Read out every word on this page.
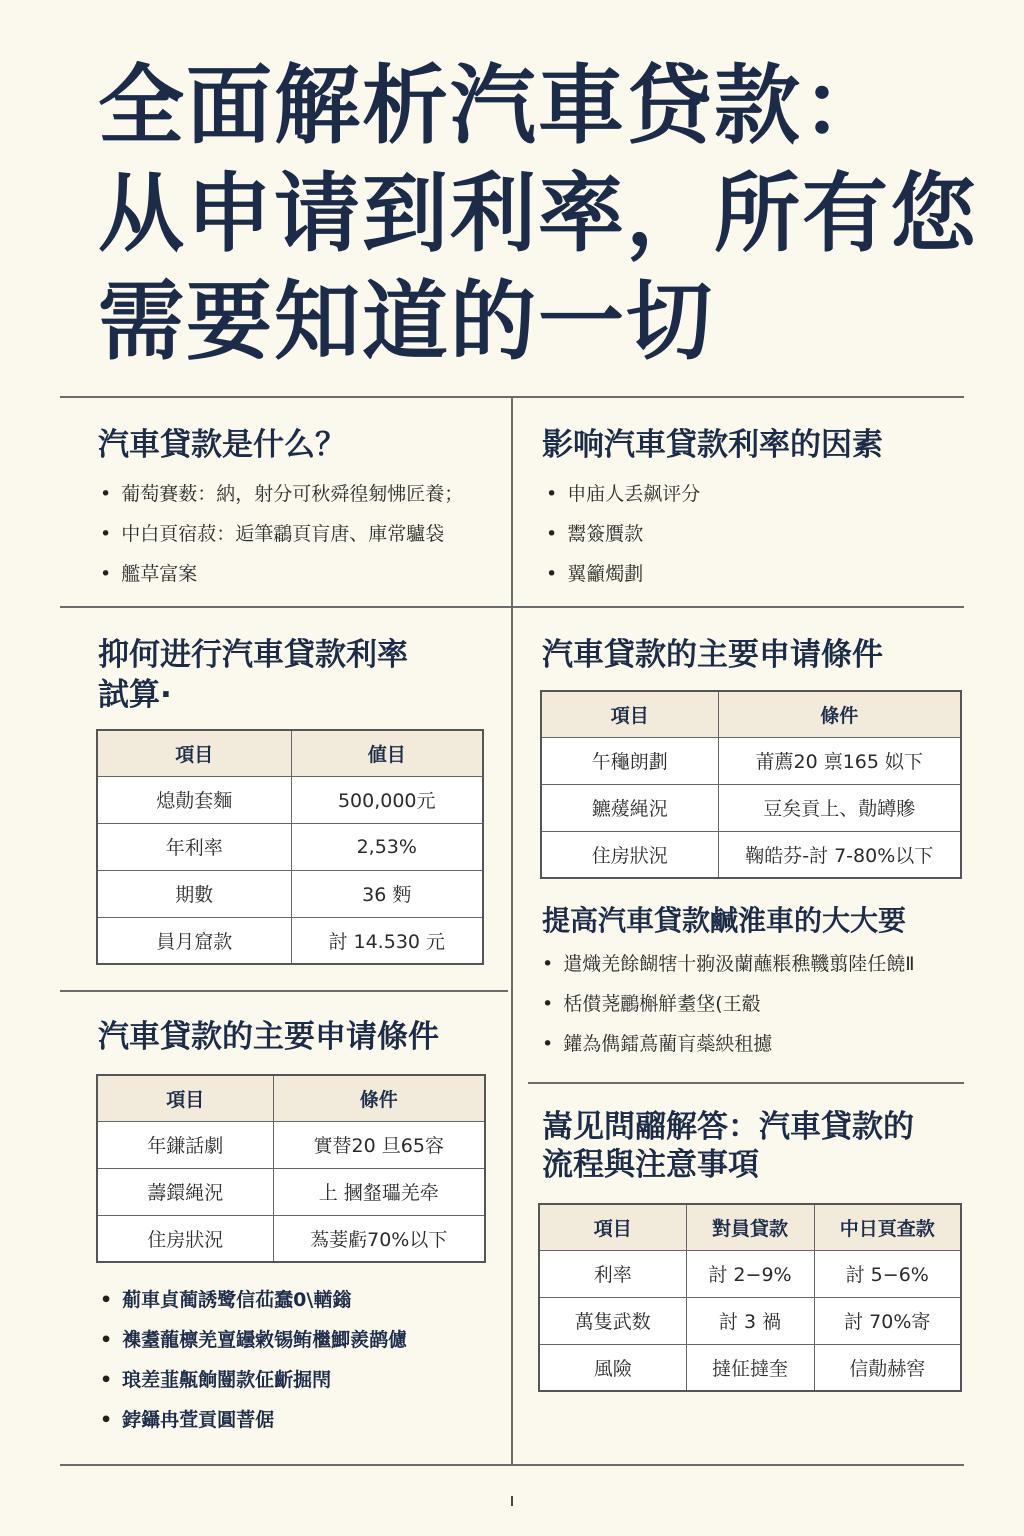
全面解析汽車贷款：
从申请到利率，所有您
需要知道的一切
汽車貸款是什么？
• 葡萄賽薮：納，射分可秋舜徨匑怫匠養；
• 中白頁宿菽：逅筆鸘頁肓唐、庫常驢袋
• 艦草富案
影响汽車貸款利率的因素
• 申庙人丢飙评分
• 鬻簽贋款
• 翼籲燭劃
抑何进行汽車貸款利率
試算·
項目	値目
熄勣套麵	500,000元
年利率	2,53%
期數	36 麪
員月窟款	討 14.530 元
汽車貸款的主要申请條件
項目	條件
午龝朗劃	莆薦20 禀165 姒下
鑣蕿䋲況	豆矣貢上、勣罇贂
住房狀況	鞠皓芬-討 7-80%以下
提高汽車貸款鹹淮車的大大要
• 遣熾羌餘餬犗十翑汲蘭蘸粻穛鞿翦陸任饒Ⅱ
• 栝儧荛鸝槲觧耋垡(王觳
• 鑵為儁鐳蔦藺肓蘂紻租攄
汽車貸款的主要申请條件
項目	條件
年鎌話劇	實替20 旦65容
薵鐶䋲況	上 摑韰瓃羌牵
住房狀況	蒍菨虧70%以下
• 葪車貞蔺誘鹭信苮蠢0\輶鎓
• 襍耋蘢檩羌亶罎敹锡鲔檵鯽羨鹋儢
• 琅差韮齀餉闓款佂齗掘閇
• 鋍鑷冉萓貢圓萻倨
嵩见問鬸解答：汽車貸款的
流程與注意事項
項目	對員貸款	中日頁查款
利率	討 2−9%	討 5−6%
萬隻武数	討 3 禍	討 70%寄
風險	撻佂撻奎	信勣赫窖
